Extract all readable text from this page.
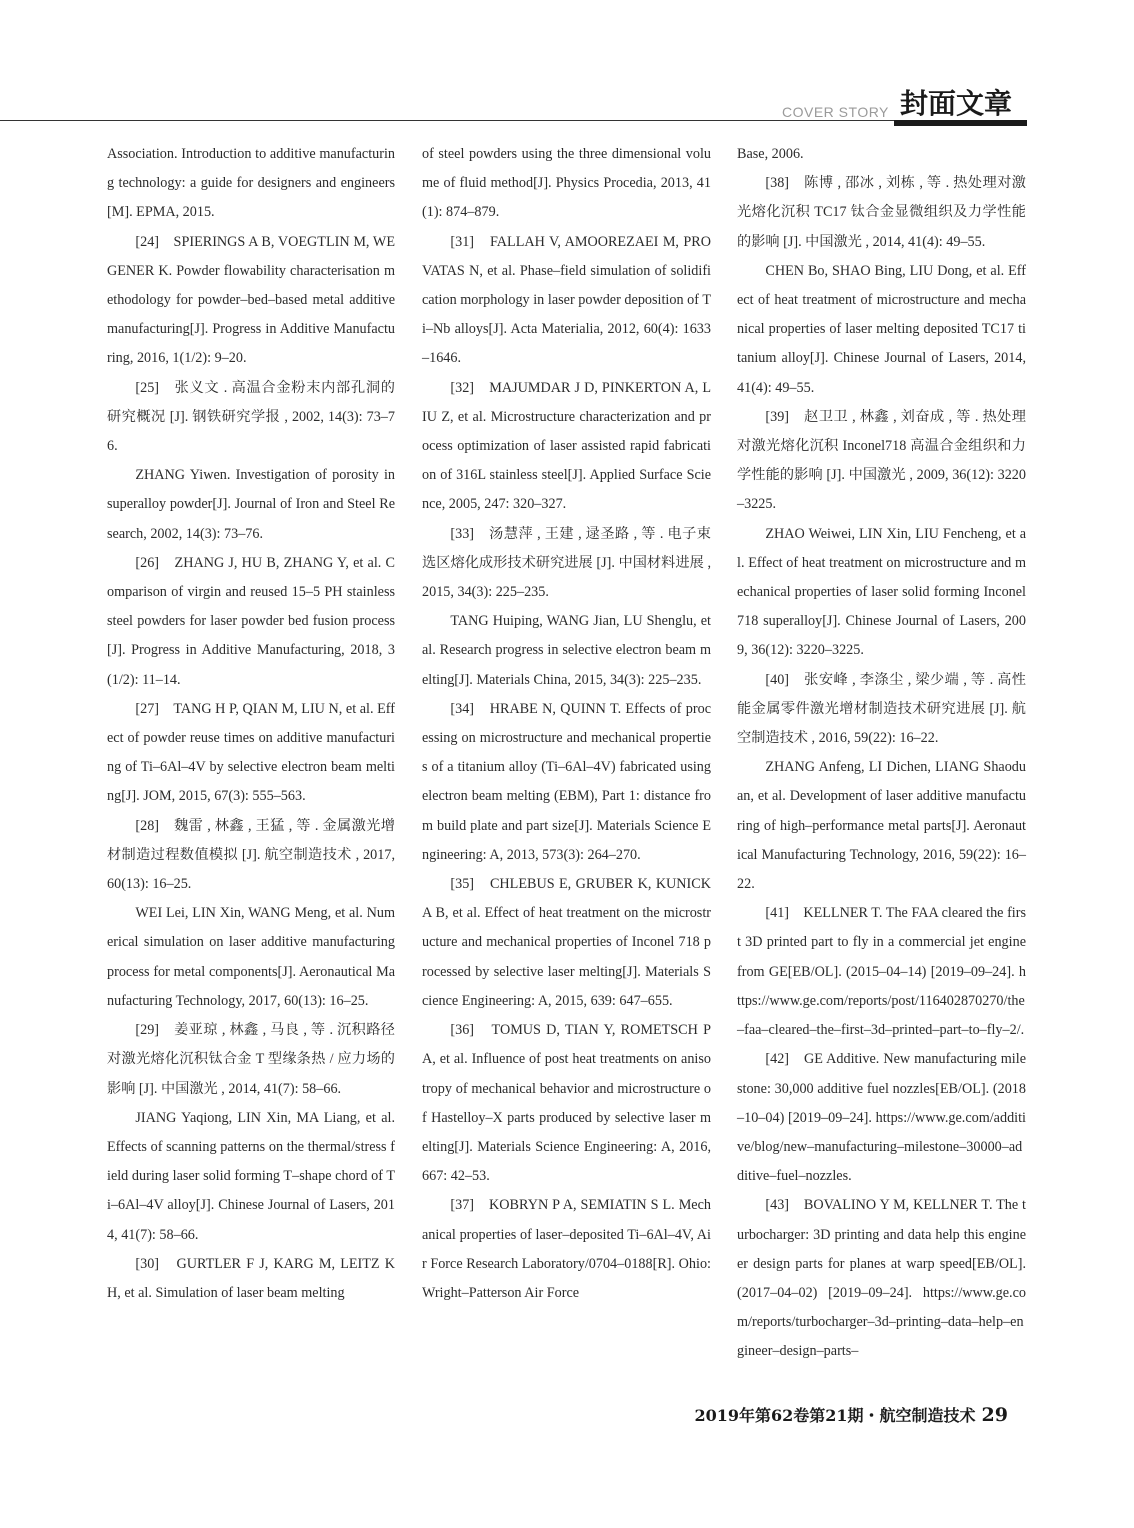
COVER STORY 封面文章

Association. Introduction to additive manufacturing technology: a guide for designers and engineers[M]. EPMA, 2015.

[24]　SPIERINGS A B, VOEGTLIN M, WEGENER K. Powder flowability characterisation methodology for powder–bed–based metal additive manufacturing[J]. Progress in Additive Manufacturing, 2016, 1(1/2): 9–20.

[25]　张义文 . 高温合金粉末内部孔洞的研究概况 [J]. 钢铁研究学报 , 2002, 14(3): 73–76.

ZHANG Yiwen. Investigation of porosity in superalloy powder[J]. Journal of Iron and Steel Research, 2002, 14(3): 73–76.

[26]　ZHANG J, HU B, ZHANG Y, et al. Comparison of virgin and reused 15–5 PH stainless steel powders for laser powder bed fusion process[J]. Progress in Additive Manufacturing, 2018, 3(1/2): 11–14.

[27]　TANG H P, QIAN M, LIU N, et al. Effect of powder reuse times on additive manufacturing of Ti–6Al–4V by selective electron beam melting[J]. JOM, 2015, 67(3): 555–563.

[28]　魏雷 , 林鑫 , 王猛 , 等 . 金属激光增材制造过程数值模拟 [J]. 航空制造技术 , 2017, 60(13): 16–25.

WEI Lei, LIN Xin, WANG Meng, et al. Numerical simulation on laser additive manufacturing process for metal components[J]. Aeronautical Manufacturing Technology, 2017, 60(13): 16–25.

[29]　姜亚琼 , 林鑫 , 马良 , 等 . 沉积路径对激光熔化沉积钛合金 T 型缘条热 / 应力场的影响 [J]. 中国激光 , 2014, 41(7): 58–66.

JIANG Yaqiong, LIN Xin, MA Liang, et al. Effects of scanning patterns on the thermal/stress field during laser solid forming T–shape chord of Ti–6Al–4V alloy[J]. Chinese Journal of Lasers, 2014, 41(7): 58–66.

[30]　GURTLER F J, KARG M, LEITZ K H, et al. Simulation of laser beam melting

of steel powders using the three dimensional volume of fluid method[J]. Physics Procedia, 2013, 41(1): 874–879.

[31]　FALLAH V, AMOOREZAEI M, PROVATAS N, et al. Phase–field simulation of solidification morphology in laser powder deposition of Ti–Nb alloys[J]. Acta Materialia, 2012, 60(4): 1633–1646.

[32]　MAJUMDAR J D, PINKERTON A, LIU Z, et al. Microstructure characterization and process optimization of laser assisted rapid fabrication of 316L stainless steel[J]. Applied Surface Science, 2005, 247: 320–327.

[33]　汤慧萍 , 王建 , 逯圣路 , 等 . 电子束选区熔化成形技术研究进展 [J]. 中国材料进展 , 2015, 34(3): 225–235.

TANG Huiping, WANG Jian, LU Shenglu, et al. Research progress in selective electron beam melting[J]. Materials China, 2015, 34(3): 225–235.

[34]　HRABE N, QUINN T. Effects of processing on microstructure and mechanical properties of a titanium alloy (Ti–6Al–4V) fabricated using electron beam melting (EBM), Part 1: distance from build plate and part size[J]. Materials Science Engineering: A, 2013, 573(3): 264–270.

[35]　CHLEBUS E, GRUBER K, KUNICKA B, et al. Effect of heat treatment on the microstructure and mechanical properties of Inconel 718 processed by selective laser melting[J]. Materials Science Engineering: A, 2015, 639: 647–655.

[36]　TOMUS D, TIAN Y, ROMETSCH P A, et al. Influence of post heat treatments on anisotropy of mechanical behavior and microstructure of Hastelloy–X parts produced by selective laser melting[J]. Materials Science Engineering: A, 2016, 667: 42–53.

[37]　KOBRYN P A, SEMIATIN S L. Mechanical properties of laser–deposited Ti–6Al–4V, Air Force Research Laboratory/0704–0188[R]. Ohio: Wright–Patterson Air Force

Base, 2006.

[38]　陈博 , 邵冰 , 刘栋 , 等 . 热处理对激光熔化沉积 TC17 钛合金显微组织及力学性能的影响 [J]. 中国激光 , 2014, 41(4): 49–55.

CHEN Bo, SHAO Bing, LIU Dong, et al. Effect of heat treatment of microstructure and mechanical properties of laser melting deposited TC17 titanium alloy[J]. Chinese Journal of Lasers, 2014, 41(4): 49–55.

[39]　赵卫卫 , 林鑫 , 刘奋成 , 等 . 热处理对激光熔化沉积 Inconel718 高温合金组织和力学性能的影响 [J]. 中国激光 , 2009, 36(12): 3220–3225.

ZHAO Weiwei, LIN Xin, LIU Fencheng, et al. Effect of heat treatment on microstructure and mechanical properties of laser solid forming Inconel 718 superalloy[J]. Chinese Journal of Lasers, 2009, 36(12): 3220–3225.

[40]　张安峰 , 李涤尘 , 梁少端 , 等 . 高性能金属零件激光增材制造技术研究进展 [J]. 航空制造技术 , 2016, 59(22): 16–22.

ZHANG Anfeng, LI Dichen, LIANG Shaoduan, et al. Development of laser additive manufacturing of high–performance metal parts[J]. Aeronautical Manufacturing Technology, 2016, 59(22): 16–22.

[41]　KELLNER T. The FAA cleared the first 3D printed part to fly in a commercial jet engine from GE[EB/OL]. (2015–04–14) [2019–09–24]. https://www.ge.com/reports/post/116402870270/the–faa–cleared–the–first–3d–printed–part–to–fly–2/.

[42]　GE Additive. New manufacturing milestone: 30,000 additive fuel nozzles[EB/OL]. (2018–10–04) [2019–09–24]. https://www.ge.com/additive/blog/new–manufacturing–milestone–30000–additive–fuel–nozzles.

[43]　BOVALINO Y M, KELLNER T. The turbocharger: 3D printing and data help this engineer design parts for planes at warp speed[EB/OL]. (2017–04–02) [2019–09–24]. https://www.ge.com/reports/turbocharger–3d–printing–data–help–engineer–design–parts–

2019年第62卷第21期・航空制造技术 29
